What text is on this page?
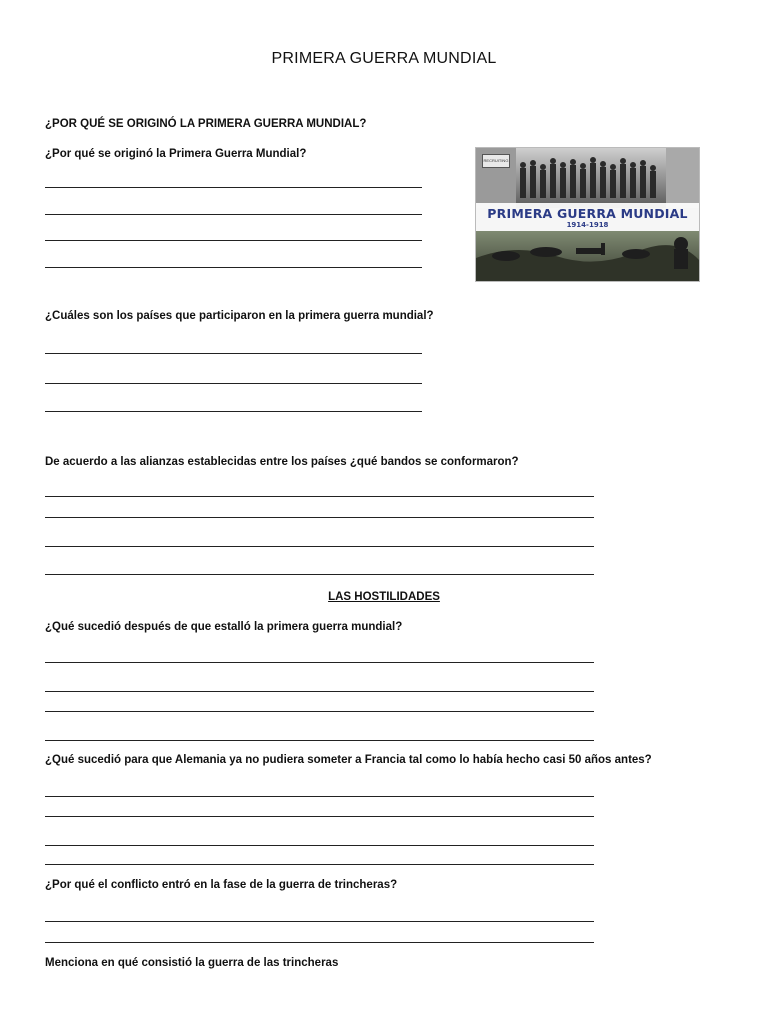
PRIMERA GUERRA MUNDIAL
¿POR QUÉ SE ORIGINÓ LA PRIMERA GUERRA MUNDIAL?
¿Por qué se originó la Primera Guerra Mundial?
RECRUITING
PRIMERA GUERRA MUNDIAL
1914-1918
¿Cuáles son los países que participaron en la primera guerra mundial?
De acuerdo a las alianzas establecidas entre los países ¿qué bandos se conformaron?
LAS HOSTILIDADES
¿Qué sucedió después de que estalló la primera guerra mundial?
¿Qué sucedió para que Alemania ya no pudiera someter a Francia tal como lo había hecho casi 50 años antes?
¿Por qué el conflicto entró en la fase de la guerra de trincheras?
Menciona en qué consistió la guerra de las trincheras
